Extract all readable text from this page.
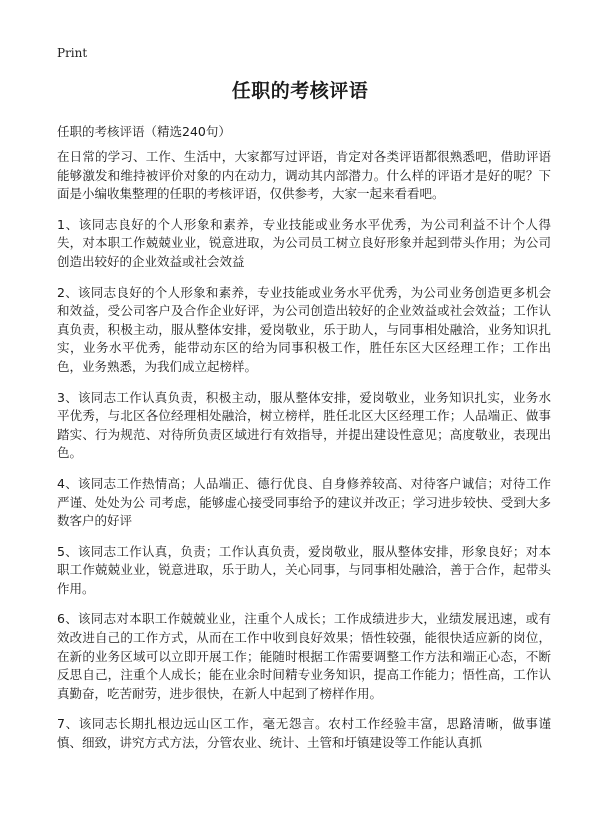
Print
任职的考核评语
任职的考核评语（精选240句）

在日常的学习、工作、生活中，大家都写过评语，肯定对各类评语都很熟悉吧，借助评语能够激发和维持被评价对象的内在动力，调动其内部潜力。什么样的评语才是好的呢？下面是小编收集整理的任职的考核评语，仅供参考，大家一起来看看吧。

1、该同志良好的个人形象和素养，专业技能或业务水平优秀，为公司利益不计个人得失，对本职工作兢兢业业，锐意进取，为公司员工树立良好形象并起到带头作用；为公司创造出较好的企业效益或社会效益

2、该同志良好的个人形象和素养，专业技能或业务水平优秀，为公司业务创造更多机会和效益，受公司客户及合作企业好评，为公司创造出较好的企业效益或社会效益；工作认真负责，积极主动，服从整体安排，爱岗敬业，乐于助人，与同事相处融洽，业务知识扎实，业务水平优秀，能带动东区的给为同事积极工作，胜任东区大区经理工作；工作出色，业务熟悉，为我们成立起榜样。

3、该同志工作认真负责，积极主动，服从整体安排，爱岗敬业，业务知识扎实，业务水平优秀，与北区各位经理相处融洽，树立榜样，胜任北区大区经理工作；人品端正、做事踏实、行为规范、对待所负责区域进行有效指导，并提出建设性意见；高度敬业，表现出色。

4、该同志工作热情高；人品端正、德行优良、自身修养较高、对待客户诚信；对待工作严谨、处处为公 司考虑，能够虚心接受同事给予的建议并改正；学习进步较快、受到大多数客户的好评

5、该同志工作认真，负责；工作认真负责，爱岗敬业，服从整体安排，形象良好；对本职工作兢兢业业，锐意进取，乐于助人，关心同事，与同事相处融洽，善于合作，起带头作用。

6、该同志对本职工作兢兢业业，注重个人成长；工作成绩进步大，业绩发展迅速，或有效改进自己的工作方式，从而在工作中收到良好效果；悟性较强，能很快适应新的岗位，在新的业务区域可以立即开展工作；能随时根据工作需要调整工作方法和端正心态，不断反思自己，注重个人成长；能在业余时间精专业务知识，提高工作能力；悟性高，工作认真勤奋，吃苦耐劳，进步很快，在新人中起到了榜样作用。

7、该同志长期扎根边远山区工作，毫无怨言。农村工作经验丰富，思路清晰，做事谨慎、细致，讲究方式方法，分管农业、统计、土管和圩镇建设等工作能认真抓
